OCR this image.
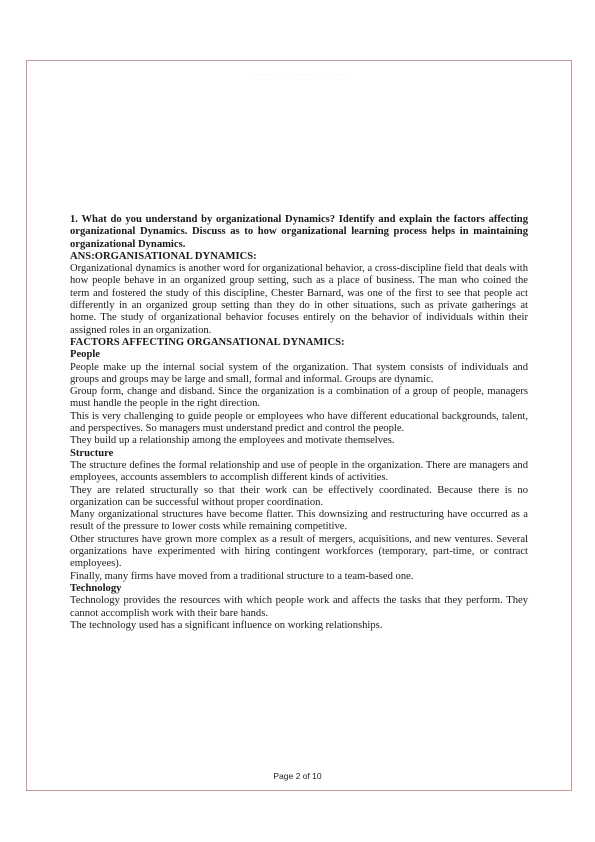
- - - - - - - - - - - - - - - - - - - - - -

1. What do you understand by organizational Dynamics? Identify and explain the factors affecting organizational Dynamics. Discuss as to how organizational learning process helps in maintaining organizational Dynamics.

ANS:ORGANISATIONAL DYNAMICS:

Organizational dynamics is another word for organizational behavior, a cross-discipline field that deals with how people behave in an organized group setting, such as a place of business. The man who coined the term and fostered the study of this discipline, Chester Barnard, was one of the first to see that people act differently in an organized group setting than they do in other situations, such as private gatherings at home. The study of organizational behavior focuses entirely on the behavior of individuals within their assigned roles in an organization.

FACTORS AFFECTING ORGANSATIONAL DYNAMICS:

People

People make up the internal social system of the organization. That system consists of individuals and groups and groups may be large and small, formal and informal. Groups are dynamic.

Group form, change and disband. Since the organization is a combination of a group of people, managers must handle the people in the right direction.

This is very challenging to guide people or employees who have different educational backgrounds, talent, and perspectives. So managers must understand predict and control the people.

They build up a relationship among the employees and motivate themselves.

Structure

The structure defines the formal relationship and use of people in the organization. There are managers and employees, accounts assemblers to accomplish different kinds of activities.

They are related structurally so that their work can be effectively coordinated. Because there is no organization can be successful without proper coordination.

Many organizational structures have become flatter. This downsizing and restructuring have occurred as a result of the pressure to lower costs while remaining competitive.

Other structures have grown more complex as a result of mergers, acquisitions, and new ventures. Several organizations have experimented with hiring contingent workforces (temporary, part-time, or contract employees).

Finally, many firms have moved from a traditional structure to a team-based one.

Technology

Technology provides the resources with which people work and affects the tasks that they perform. They cannot accomplish work with their bare hands.

The technology used has a significant influence on working relationships.

Page 2 of 10
